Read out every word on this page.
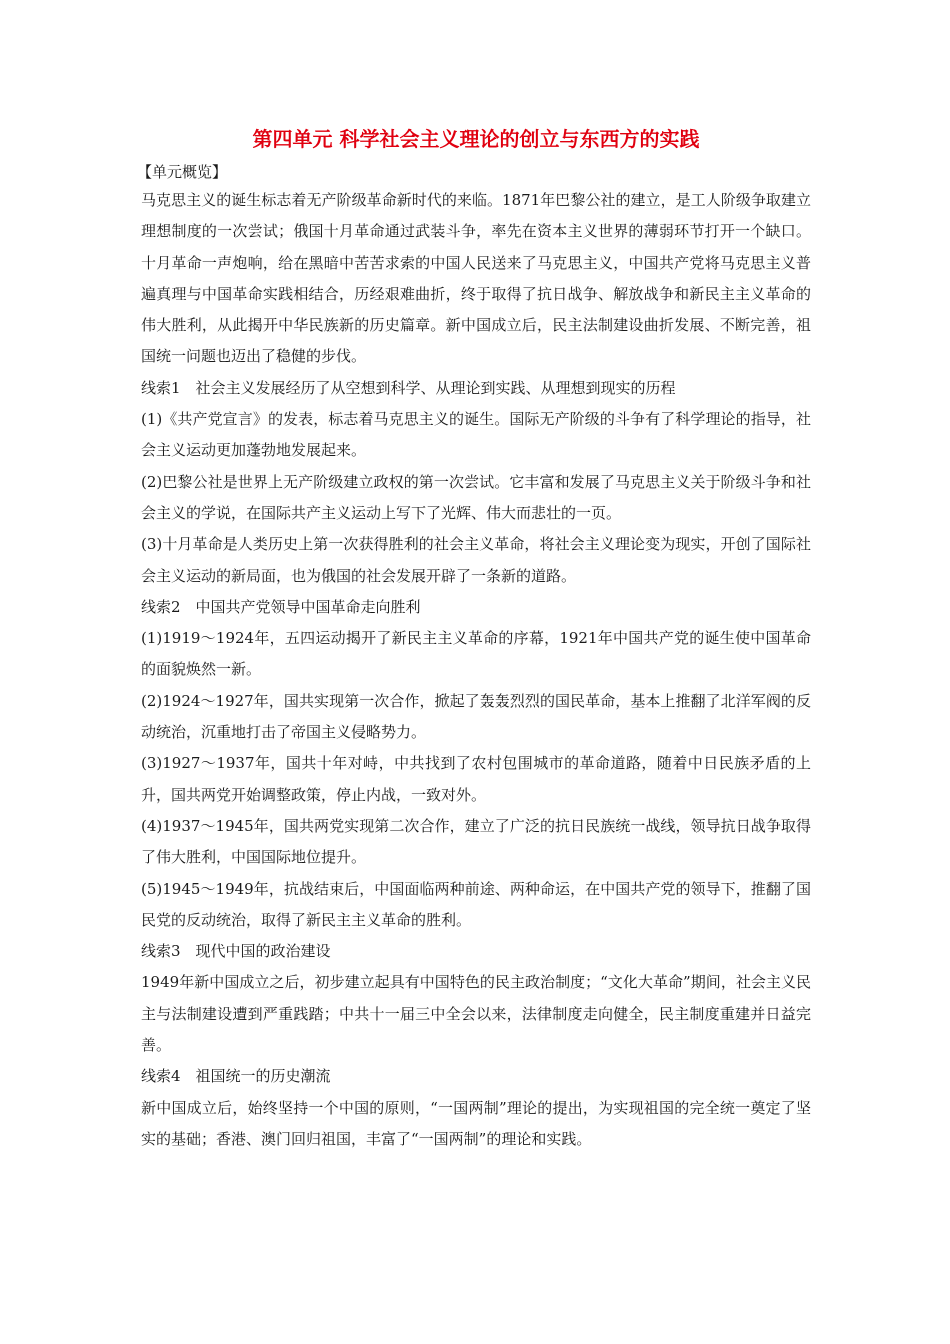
第四单元 科学社会主义理论的创立与东西方的实践
【单元概览】

马克思主义的诞生标志着无产阶级革命新时代的来临。1871年巴黎公社的建立，是工人阶级争取建立理想制度的一次尝试；俄国十月革命通过武装斗争，率先在资本主义世界的薄弱环节打开一个缺口。十月革命一声炮响，给在黑暗中苦苦求索的中国人民送来了马克思主义，中国共产党将马克思主义普遍真理与中国革命实践相结合，历经艰难曲折，终于取得了抗日战争、解放战争和新民主主义革命的伟大胜利，从此揭开中华民族新的历史篇章。新中国成立后，民主法制建设曲折发展、不断完善，祖国统一问题也迈出了稳健的步伐。

线索1　社会主义发展经历了从空想到科学、从理论到实践、从理想到现实的历程

(1)《共产党宣言》的发表，标志着马克思主义的诞生。国际无产阶级的斗争有了科学理论的指导，社会主义运动更加蓬勃地发展起来。

(2)巴黎公社是世界上无产阶级建立政权的第一次尝试。它丰富和发展了马克思主义关于阶级斗争和社会主义的学说，在国际共产主义运动上写下了光辉、伟大而悲壮的一页。

(3)十月革命是人类历史上第一次获得胜利的社会主义革命，将社会主义理论变为现实，开创了国际社会主义运动的新局面，也为俄国的社会发展开辟了一条新的道路。

线索2　中国共产党领导中国革命走向胜利

(1)1919～1924年，五四运动揭开了新民主主义革命的序幕，1921年中国共产党的诞生使中国革命的面貌焕然一新。

(2)1924～1927年，国共实现第一次合作，掀起了轰轰烈烈的国民革命，基本上推翻了北洋军阀的反动统治，沉重地打击了帝国主义侵略势力。

(3)1927～1937年，国共十年对峙，中共找到了农村包围城市的革命道路，随着中日民族矛盾的上升，国共两党开始调整政策，停止内战，一致对外。

(4)1937～1945年，国共两党实现第二次合作，建立了广泛的抗日民族统一战线，领导抗日战争取得了伟大胜利，中国国际地位提升。

(5)1945～1949年，抗战结束后，中国面临两种前途、两种命运，在中国共产党的领导下，推翻了国民党的反动统治，取得了新民主主义革命的胜利。

线索3　现代中国的政治建设

1949年新中国成立之后，初步建立起具有中国特色的民主政治制度；“文化大革命”期间，社会主义民主与法制建设遭到严重践踏；中共十一届三中全会以来，法律制度走向健全，民主制度重建并日益完善。

线索4　祖国统一的历史潮流

新中国成立后，始终坚持一个中国的原则，“一国两制”理论的提出，为实现祖国的完全统一奠定了坚实的基础；香港、澳门回归祖国，丰富了“一国两制”的理论和实践。
